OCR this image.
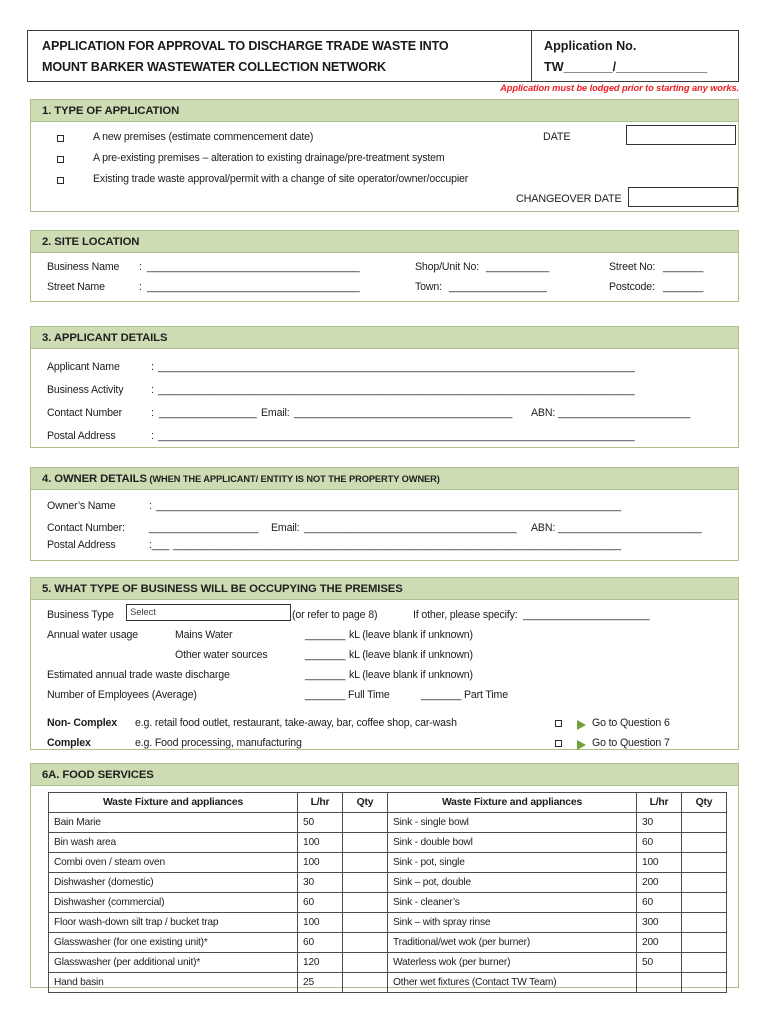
APPLICATION FOR APPROVAL TO DISCHARGE TRADE WASTE INTO
MOUNT BARKER WASTEWATER COLLECTION NETWORK
Application No.
TW_______/_____________
Application must be lodged prior to starting any works.
1. TYPE OF APPLICATION
A new premises (estimate commencement date)
A pre-existing premises – alteration to existing drainage/pre-treatment system
Existing trade waste approval/permit with a change of site operator/owner/occupier
DATE
CHANGEOVER DATE
2. SITE LOCATION
Business Name : _____________________________________
Street Name	: _____________________________________
Shop/Unit No: ___________
Town: _________________
Street No: _______
Postcode: _______
3. APPLICANT DETAILS
Applicant Name	: ___________________________________________________________________________________
Business Activity	: ___________________________________________________________________________________
Contact Number	: _________________ Email: ______________________________________ ABN: _______________________
Postal Address	: ___________________________________________________________________________________
4. OWNER DETAILS (WHEN THE APPLICANT/ ENTITY IS NOT THE PROPERTY OWNER)
Owner’s Name	: _________________________________________________________________________________
Contact Number: ___________________ Email: _____________________________________ ABN: _________________________
Postal Address	:___ ______________________________________________________________________________
5. WHAT TYPE OF BUSINESS WILL BE OCCUPYING THE PREMISES
Business Type	Select	(or refer to page 8)	If other, please specify: ______________________
Annual water usage	Mains Water	_______ kL (leave blank if unknown)
Other water sources	_______ kL (leave blank if unknown)
Estimated annual trade waste discharge	_______ kL (leave blank if unknown)
Number of Employees (Average)	_______ Full Time	_______ Part Time
Non- Complex e.g. retail food outlet, restaurant, take-away, bar, coffee shop, car-wash	Go to Question 6
Complex	e.g. Food processing, manufacturing	Go to Question 7
6A. FOOD SERVICES
Waste Fixture and appliances	L/hr	Qty	Waste Fixture and appliances	L/hr	Qty
Bain Marie	50		Sink - single bowl	30	
Bin wash area	100		Sink - double bowl	60	
Combi oven / steam oven	100		Sink - pot, single	100	
Dishwasher (domestic)	30		Sink – pot, double	200	
Dishwasher (commercial)	60		Sink - cleaner’s	60	
Floor wash-down silt trap / bucket trap	100		Sink – with spray rinse	300	
Glasswasher (for one existing unit)*	60		Traditional/wet wok (per burner)	200	
Glasswasher (per additional unit)*	120		Waterless wok (per burner)	50	
Hand basin	25		Other wet fixtures (Contact TW Team)		
